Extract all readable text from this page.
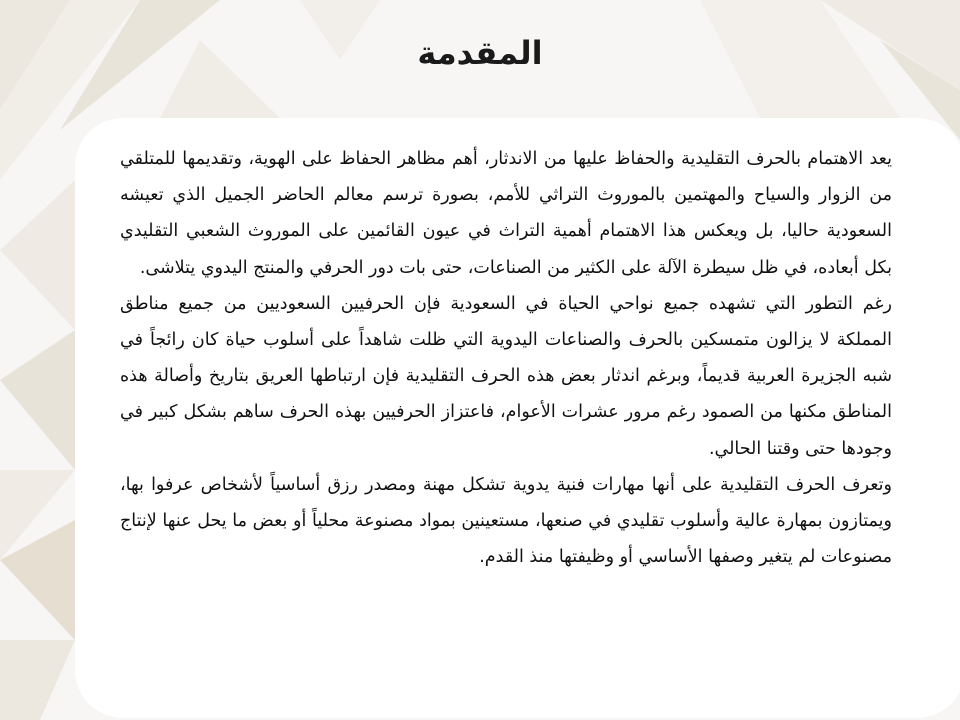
المقدمة

يعد الاهتمام بالحرف التقليدية والحفاظ عليها من الاندثار، أهم مظاهر الحفاظ على الهوية، وتقديمها للمتلقي من الزوار والسياح والمهتمين بالموروث التراثي للأمم، بصورة ترسم معالم الحاضر الجميل الذي تعيشه السعودية حاليا، بل ويعكس هذا الاهتمام أهمية التراث في عيون القائمين على الموروث الشعبي التقليدي بكل أبعاده، في ظل سيطرة الآلة على الكثير من الصناعات، حتى بات دور الحرفي والمنتج اليدوي يتلاشى.

رغم التطور التي تشهده جميع نواحي الحياة في السعودية فإن الحرفيين السعوديين من جميع مناطق المملكة لا يزالون متمسكين بالحرف والصناعات اليدوية التي ظلت شاهداً على أسلوب حياة كان رائجاً في شبه الجزيرة العربية قديماً، وبرغم اندثار بعض هذه الحرف التقليدية فإن ارتباطها العريق بتاريخ وأصالة هذه المناطق مكنها من الصمود رغم مرور عشرات الأعوام، فاعتزاز الحرفيين بهذه الحرف ساهم بشكل كبير في وجودها حتى وقتنا الحالي.

وتعرف الحرف التقليدية على أنها مهارات فنية يدوية تشكل مهنة ومصدر رزق أساسياً لأشخاص عرفوا بها، ويمتازون بمهارة عالية وأسلوب تقليدي في صنعها، مستعينين بمواد مصنوعة محلياً أو بعض ما يحل عنها لإنتاج مصنوعات لم يتغير وصفها الأساسي أو وظيفتها منذ القدم.
